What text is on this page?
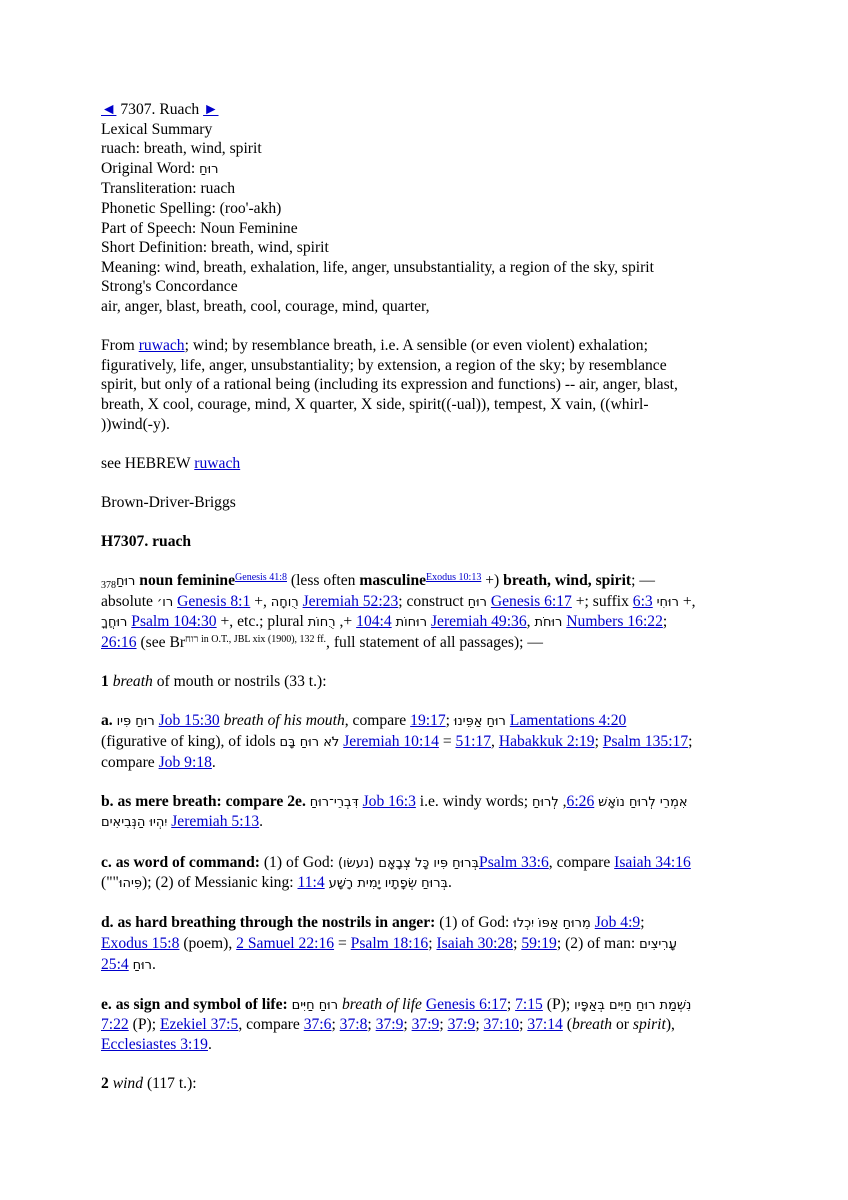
◄ 7307. Ruach ►
Lexical Summary
ruach: breath, wind, spirit
Original Word: רוּחַ
Transliteration: ruach
Phonetic Spelling: (roo'-akh)
Part of Speech: Noun Feminine
Short Definition: breath, wind, spirit
Meaning: wind, breath, exhalation, life, anger, unsubstantiality, a region of the sky, spirit
Strong's Concordance
air, anger, blast, breath, cool, courage, mind, quarter,
From ruwach; wind; by resemblance breath, i.e. A sensible (or even violent) exhalation;
figuratively, life, anger, unsubstantiality; by extension, a region of the sky; by resemblance
spirit, but only of a rational being (including its expression and functions) -- air, anger, blast,
breath, X cool, courage, mind, X quarter, X side, spirit((-ual)), tempest, X vain, ((whirl-
))wind(-y).
see HEBREW ruwach
Brown-Driver-Briggs
H7307. ruach
$רוּחַ_{378}$ noun feminine$^{Genesis 41:8}$ (less often masculine$^{Exodus 10:13}$ +) breath, wind, spirit; —
absolute רו׳ Genesis 8:1 +, רֻוחָה Jeremiah 52:23; construct רוּחַ Genesis 6:17 +; suffix רוּחִי 6:3 +,
רוּחֲךָ Psalm 104:30 +, etc.; plural	רוּחוֺת 104:4 +, רֻחוֺת	Jeremiah 49:36, רוּחֹת Numbers 16:22;
26:16 (see $Br^{רוח in O.T., JBL xix (1900), 132 ff.}$, full statement of all passages); —
1 breath of mouth or nostrils (33 t.):
a. רוּחַ פִּיו Job 15:30 breath of his mouth, compare 19:17; רוּחַ אַפֵּינוּ Lamentations 4:20
(figurative of king), of idols לֹא רוּחַ בָּם Jeremiah 10:14 = 51:17, Habakkuk 2:19; Psalm 135:17;
compare Job 9:18.
b. as mere breath: compare 2e. דִּבְרֵי־רוּחַ Job 16:3 i.e. windy words;	אִמְרֵי לְרוּחַ נוֺאָשׁ 6:26, לְרוּחַ
יִהְיוּ הַנְּבִיאִים Jeremiah 5:13.
c. as word of command: (1) of God: (נעשׂו) בְּרוּחַ פִּיו כָּל צְבָאָםPsalm 33:6, compare Isaiah 34:16
(""פִּיהוּ); (2) of Messianic king:	בְּרוּחַ שְׂפָתָיו יָמִית רָשָׁע 11:4	.
d. as hard breathing through the nostrils in anger: (1) of God: מֵרוּחַ אַפּוֺ יִכְלוּ Job 4:9;
Exodus 15:8 (poem), 2 Samuel 22:16 = Psalm 18:16; Isaiah 30:28; 59:19; (2) of man: עָרִיצִים
רוּחַ 25:4 .
e. as sign and symbol of life: רוּחַ חַיִּים breath of life Genesis 6:17; 7:15 (P); נִשְׁמַת רוּחַ חַיִּים בְּאַפָּיו
7:22 (P); Ezekiel 37:5, compare 37:6; 37:8; 37:9; 37:9; 37:9; 37:10; 37:14 (breath or spirit),
Ecclesiastes 3:19.
2 wind (117 t.):
